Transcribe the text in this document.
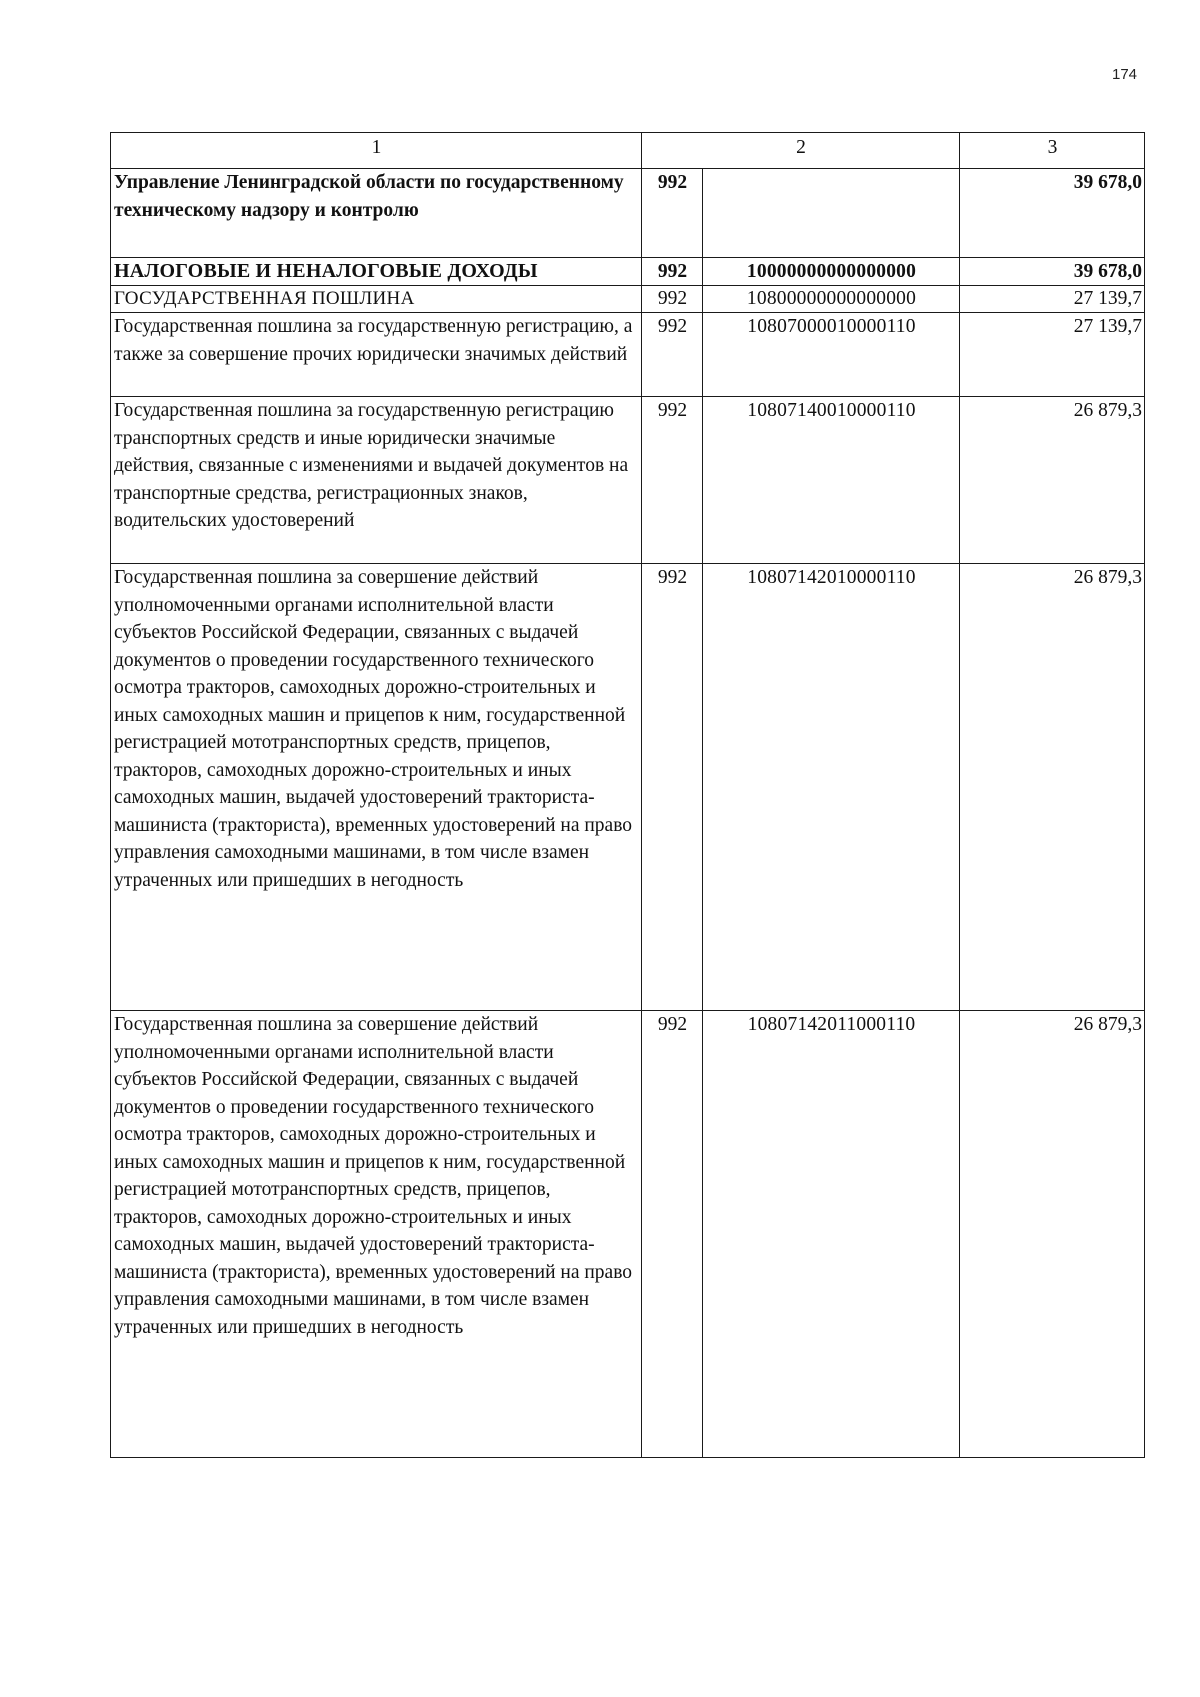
174
1	2		3
Управление Ленинградской области по государственному техническому надзору и контролю	992		39 678,0
НАЛОГОВЫЕ И НЕНАЛОГОВЫЕ ДОХОДЫ	992	10000000000000000	39 678,0
ГОСУДАРСТВЕННАЯ ПОШЛИНА	992	10800000000000000	27 139,7
Государственная пошлина за государственную регистрацию, а также за совершение прочих юридически значимых действий	992	10807000010000110	27 139,7
Государственная пошлина за государственную регистрацию транспортных средств и иные юридически значимые действия, связанные с изменениями и выдачей документов на транспортные средства, регистрационных знаков, водительских удостоверений	992	10807140010000110	26 879,3
Государственная пошлина за совершение действий уполномоченными органами исполнительной власти субъектов Российской Федерации, связанных с выдачей документов о проведении государственного технического осмотра тракторов, самоходных дорожно-строительных и иных самоходных машин и прицепов к ним, государственной регистрацией мототранспортных средств, прицепов, тракторов, самоходных дорожно-строительных и иных самоходных машин, выдачей удостоверений тракториста-машиниста (тракториста), временных удостоверений на право управления самоходными машинами, в том числе взамен утраченных или пришедших в негодность	992	10807142010000110	26 879,3
Государственная пошлина за совершение действий уполномоченными органами исполнительной власти субъектов Российской Федерации, связанных с выдачей документов о проведении государственного технического осмотра тракторов, самоходных дорожно-строительных и иных самоходных машин и прицепов к ним, государственной регистрацией мототранспортных средств, прицепов, тракторов, самоходных дорожно-строительных и иных самоходных машин, выдачей удостоверений тракториста-машиниста (тракториста), временных удостоверений на право управления самоходными машинами, в том числе взамен утраченных или пришедших в негодность	992	10807142011000110	26 879,3
